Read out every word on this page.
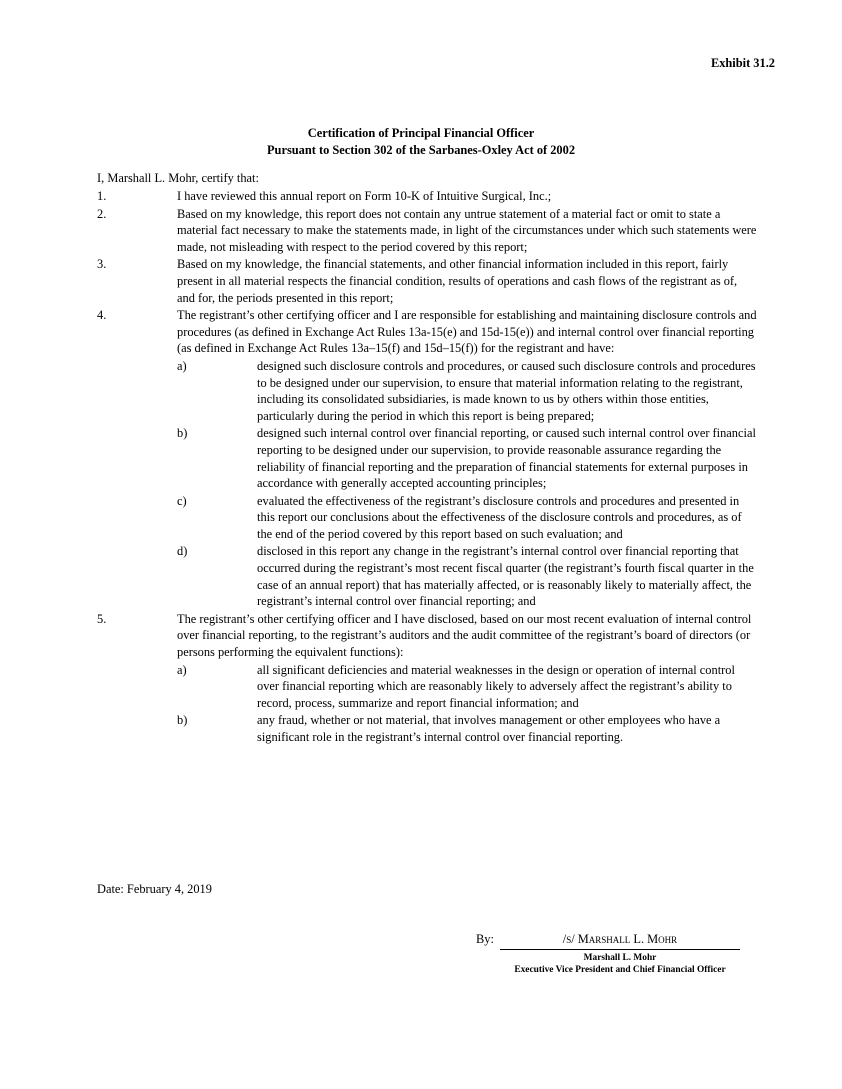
Exhibit 31.2
Certification of Principal Financial Officer
Pursuant to Section 302 of the Sarbanes-Oxley Act of 2002
I, Marshall L. Mohr, certify that:
1.	I have reviewed this annual report on Form 10-K of Intuitive Surgical, Inc.;
2.	Based on my knowledge, this report does not contain any untrue statement of a material fact or omit to state a material fact necessary to make the statements made, in light of the circumstances under which such statements were made, not misleading with respect to the period covered by this report;
3.	Based on my knowledge, the financial statements, and other financial information included in this report, fairly present in all material respects the financial condition, results of operations and cash flows of the registrant as of, and for, the periods presented in this report;
4.	The registrant’s other certifying officer and I are responsible for establishing and maintaining disclosure controls and procedures (as defined in Exchange Act Rules 13a-15(e) and 15d-15(e)) and internal control over financial reporting (as defined in Exchange Act Rules 13a–15(f) and 15d–15(f)) for the registrant and have:
a)	designed such disclosure controls and procedures, or caused such disclosure controls and procedures to be designed under our supervision, to ensure that material information relating to the registrant, including its consolidated subsidiaries, is made known to us by others within those entities, particularly during the period in which this report is being prepared;
b)	designed such internal control over financial reporting, or caused such internal control over financial reporting to be designed under our supervision, to provide reasonable assurance regarding the reliability of financial reporting and the preparation of financial statements for external purposes in accordance with generally accepted accounting principles;
c)	evaluated the effectiveness of the registrant’s disclosure controls and procedures and presented in this report our conclusions about the effectiveness of the disclosure controls and procedures, as of the end of the period covered by this report based on such evaluation; and
d)	disclosed in this report any change in the registrant’s internal control over financial reporting that occurred during the registrant’s most recent fiscal quarter (the registrant’s fourth fiscal quarter in the case of an annual report) that has materially affected, or is reasonably likely to materially affect, the registrant’s internal control over financial reporting; and
5.	The registrant’s other certifying officer and I have disclosed, based on our most recent evaluation of internal control over financial reporting, to the registrant’s auditors and the audit committee of the registrant’s board of directors (or persons performing the equivalent functions):
a)	all significant deficiencies and material weaknesses in the design or operation of internal control over financial reporting which are reasonably likely to adversely affect the registrant’s ability to record, process, summarize and report financial information; and
b)	any fraud, whether or not material, that involves management or other employees who have a significant role in the registrant’s internal control over financial reporting.
Date: February 4, 2019
By:	/s/ Marshall L. Mohr
Marshall L. Mohr
Executive Vice President and Chief Financial Officer
